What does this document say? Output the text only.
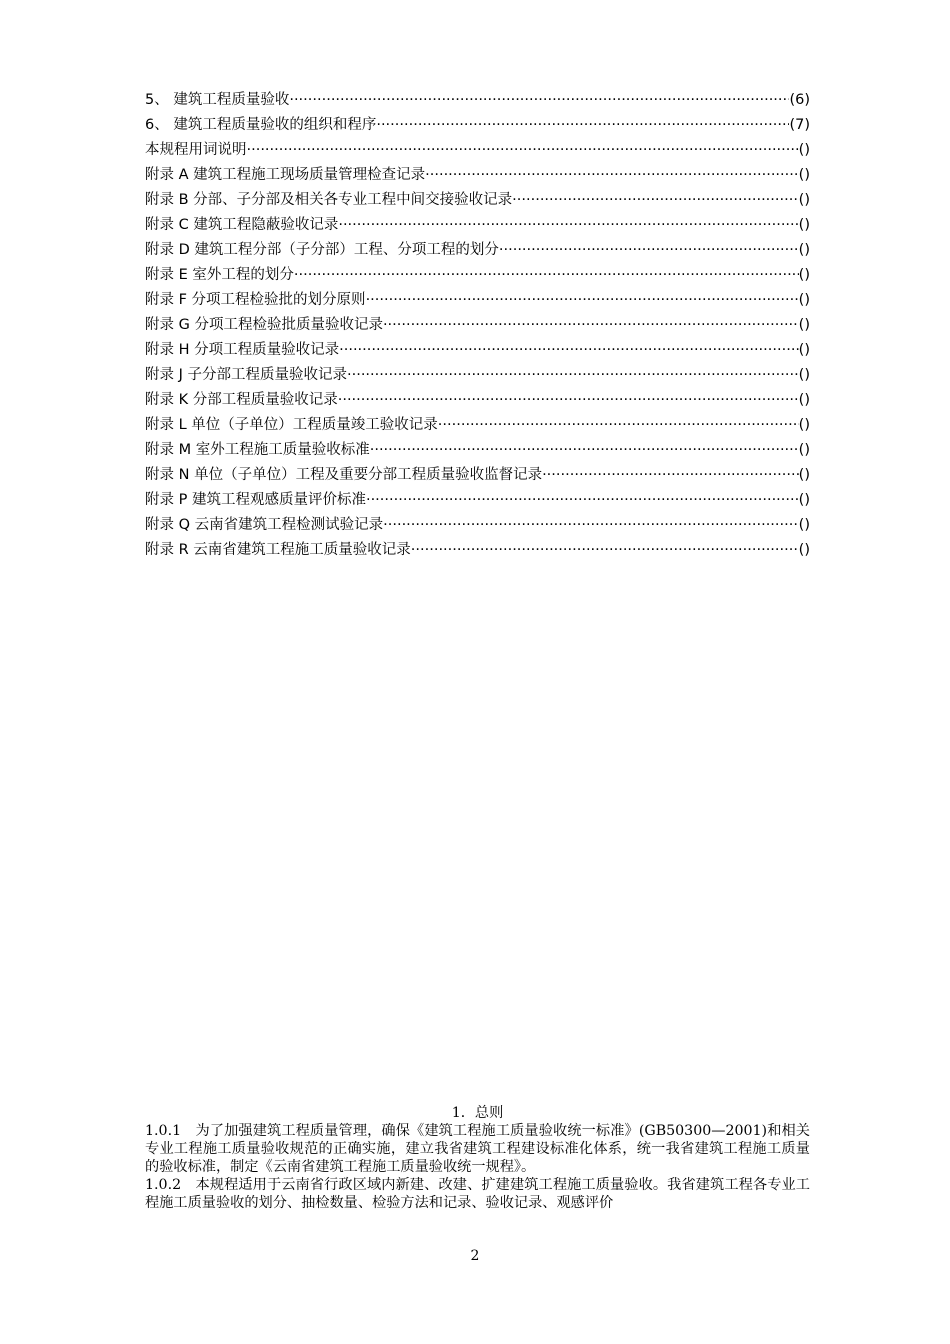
5、 建筑工程质量验收 ·····	(6)
6、 建筑工程质量验收的组织和程序 ·····	(7)
本规程用词说明 ·····	()
附录 A 建筑工程施工现场质量管理检查记录 ·····	()
附录 B 分部、子分部及相关各专业工程中间交接验收记录 ·····	()
附录 C 建筑工程隐蔽验收记录 ·····	()
附录 D 建筑工程分部（子分部）工程、分项工程的划分 ·····	()
附录 E 室外工程的划分 ·····	()
附录 F 分项工程检验批的划分原则 ·····	()
附录 G 分项工程检验批质量验收记录 ·····	()
附录 H 分项工程质量验收记录 ·····	()
附录 J 子分部工程质量验收记录 ·····	()
附录 K 分部工程质量验收记录 ·····	()
附录 L 单位（子单位）工程质量竣工验收记录 ·····	()
附录 M 室外工程施工质量验收标准 ·····	()
附录 N 单位（子单位）工程及重要分部工程质量验收监督记录 ·····	()
附录 P 建筑工程观感质量评价标准 ·····	()
附录 Q 云南省建筑工程检测试验记录 ·····	()
附录 R 云南省建筑工程施工质量验收记录 ·····	()
1．总则
1.0.1　为了加强建筑工程质量管理，确保《建筑工程施工质量验收统一标准》(GB50300—2001)和相关专业工程施工质量验收规范的正确实施，建立我省建筑工程建设标准化体系，统一我省建筑工程施工质量的验收标准，制定《云南省建筑工程施工质量验收统一规程》。
1.0.2　本规程适用于云南省行政区域内新建、改建、扩建建筑工程施工质量验收。我省建筑工程各专业工程施工质量验收的划分、抽检数量、检验方法和记录、验收记录、观感评价
2
